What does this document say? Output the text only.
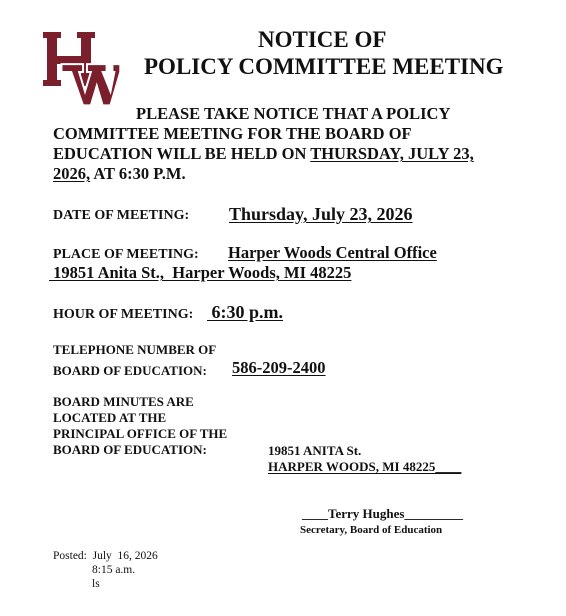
NOTICE OF
POLICY COMMITTEE MEETING
PLEASE TAKE NOTICE THAT A POLICY
COMMITTEE MEETING FOR THE BOARD OF
EDUCATION WILL BE HELD ON THURSDAY, JULY 23,
2026, AT 6:30 P.M.
DATE OF MEETING: Thursday, July 23, 2026
PLACE OF MEETING: Harper Woods Central Office
19851 Anita St.,  Harper Woods, MI 48225
HOUR OF MEETING: 6:30 p.m.
TELEPHONE NUMBER OF
BOARD OF EDUCATION: 586-209-2400
BOARD MINUTES ARE
LOCATED AT THE
PRINCIPAL OFFICE OF THE
BOARD OF EDUCATION:	19851 ANITA St.
HARPER WOODS, MI 48225____
____Terry Hughes_________
Secretary, Board of Education
Posted:  July  16, 2026
8:15 a.m.
ls
